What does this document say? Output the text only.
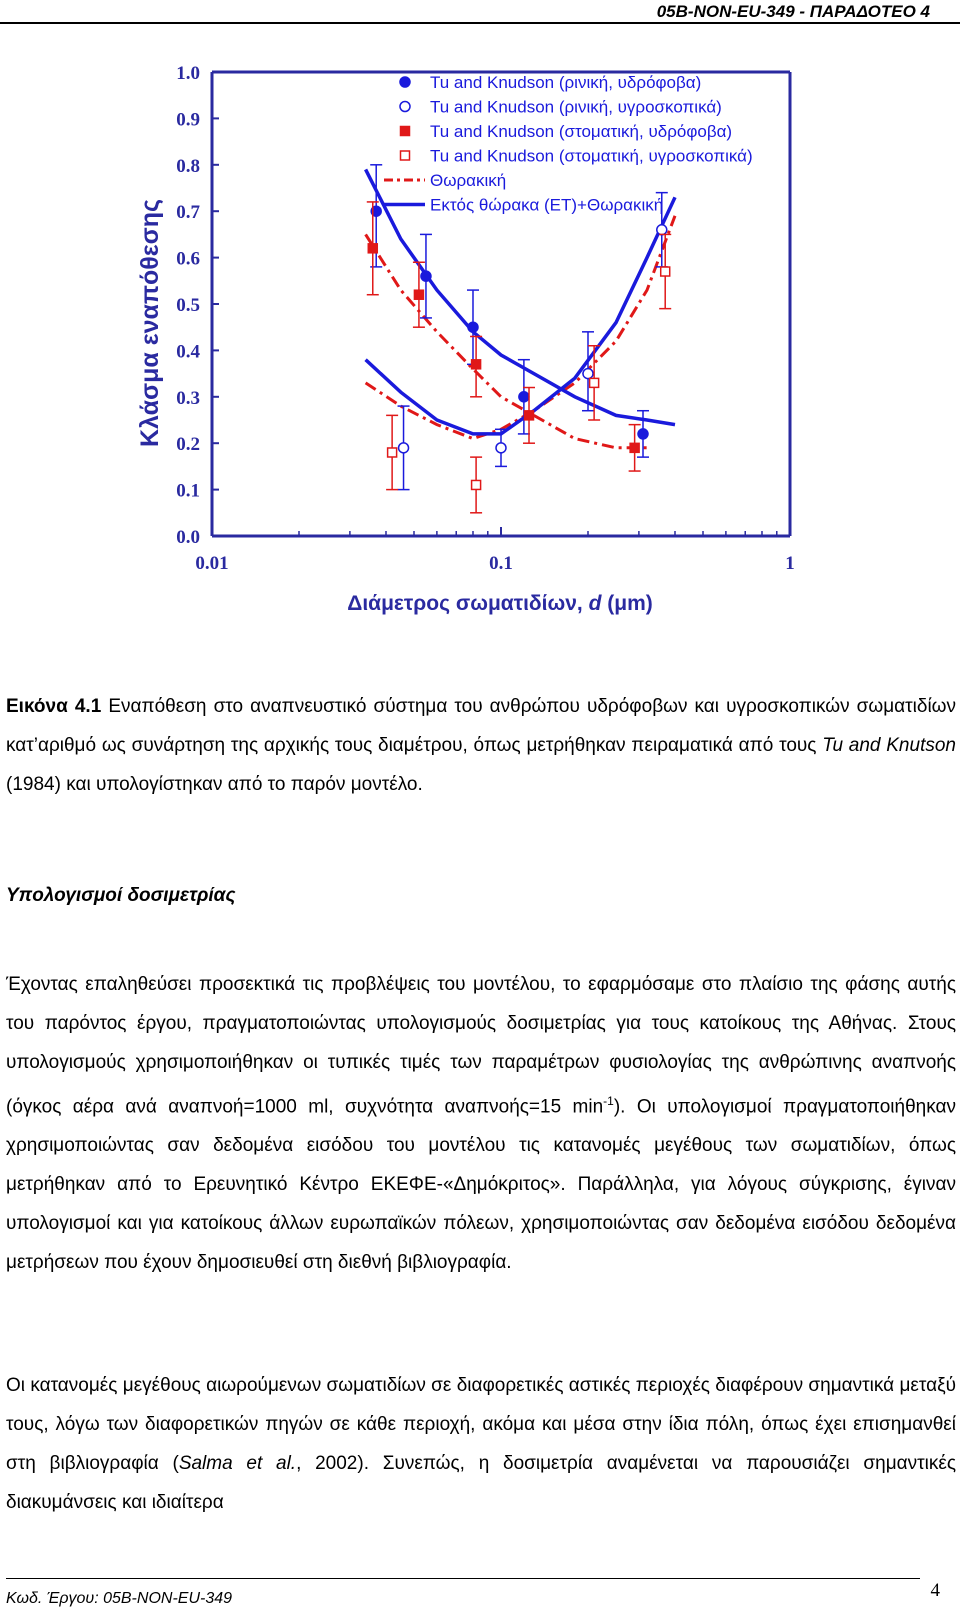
05B-NON-EU-349 - ΠΑΡΑΔΟΤΕΟ 4
0.0
0.1
0.2
0.3
0.4
0.5
0.6
0.7
0.8
0.9
1.0
0.01	0.1	1
Tu and Knudson (ρινική, υδρόφοβα)
Tu and Knudson (ρινική, υγροσκοπικά)
Tu and Knudson (στοματική, υδρόφοβα)
Tu and Knudson (στοματική, υγροσκοπικά)
Θωρακική
Εκτός θώρακα (ΕΤ)+Θωρακική
Κλάσμα εναπόθεσης
Διάμετρος σωματιδίων, d (μm)
Εικόνα 4.1 Εναπόθεση στο αναπνευστικό σύστημα του ανθρώπου υδρόφοβων και υγροσκοπικών σωματιδίων κατ’αριθμό ως συνάρτηση της αρχικής τους διαμέτρου, όπως μετρήθηκαν πειραματικά από τους Tu and Knutson (1984) και υπολογίστηκαν από το παρόν μοντέλο.
Υπολογισμοί δοσιμετρίας
Έχοντας επαληθεύσει προσεκτικά τις προβλέψεις του μοντέλου, το εφαρμόσαμε στο πλαίσιο της φάσης αυτής του παρόντος έργου, πραγματοποιώντας υπολογισμούς δοσιμετρίας για τους κατοίκους της Αθήνας. Στους υπολογισμούς χρησιμοποιήθηκαν οι τυπικές τιμές των παραμέτρων φυσιολογίας της ανθρώπινης αναπνοής (όγκος αέρα ανά αναπνοή=1000 ml, συχνότητα αναπνοής=15 $\min^{-1}$). Οι υπολογισμοί πραγματοποιήθηκαν χρησιμοποιώντας σαν δεδομένα εισόδου του μοντέλου τις κατανομές μεγέθους των σωματιδίων, όπως μετρήθηκαν από το Ερευνητικό Κέντρο ΕΚΕΦΕ-«Δημόκριτος». Παράλληλα, για λόγους σύγκρισης, έγιναν υπολογισμοί και για κατοίκους άλλων ευρωπαϊκών πόλεων, χρησιμοποιώντας σαν δεδομένα εισόδου δεδομένα μετρήσεων που έχουν δημοσιευθεί στη διεθνή βιβλιογραφία.
Οι κατανομές μεγέθους αιωρούμενων σωματιδίων σε διαφορετικές αστικές περιοχές διαφέρουν σημαντικά μεταξύ τους, λόγω των διαφορετικών πηγών σε κάθε περιοχή, ακόμα και μέσα στην ίδια πόλη, όπως έχει επισημανθεί στη βιβλιογραφία (Salma et al., 2002). Συνεπώς, η δοσιμετρία αναμένεται να παρουσιάζει σημαντικές διακυμάνσεις και ιδιαίτερα
Κωδ. Έργου: 05B-NON-EU-349	4
